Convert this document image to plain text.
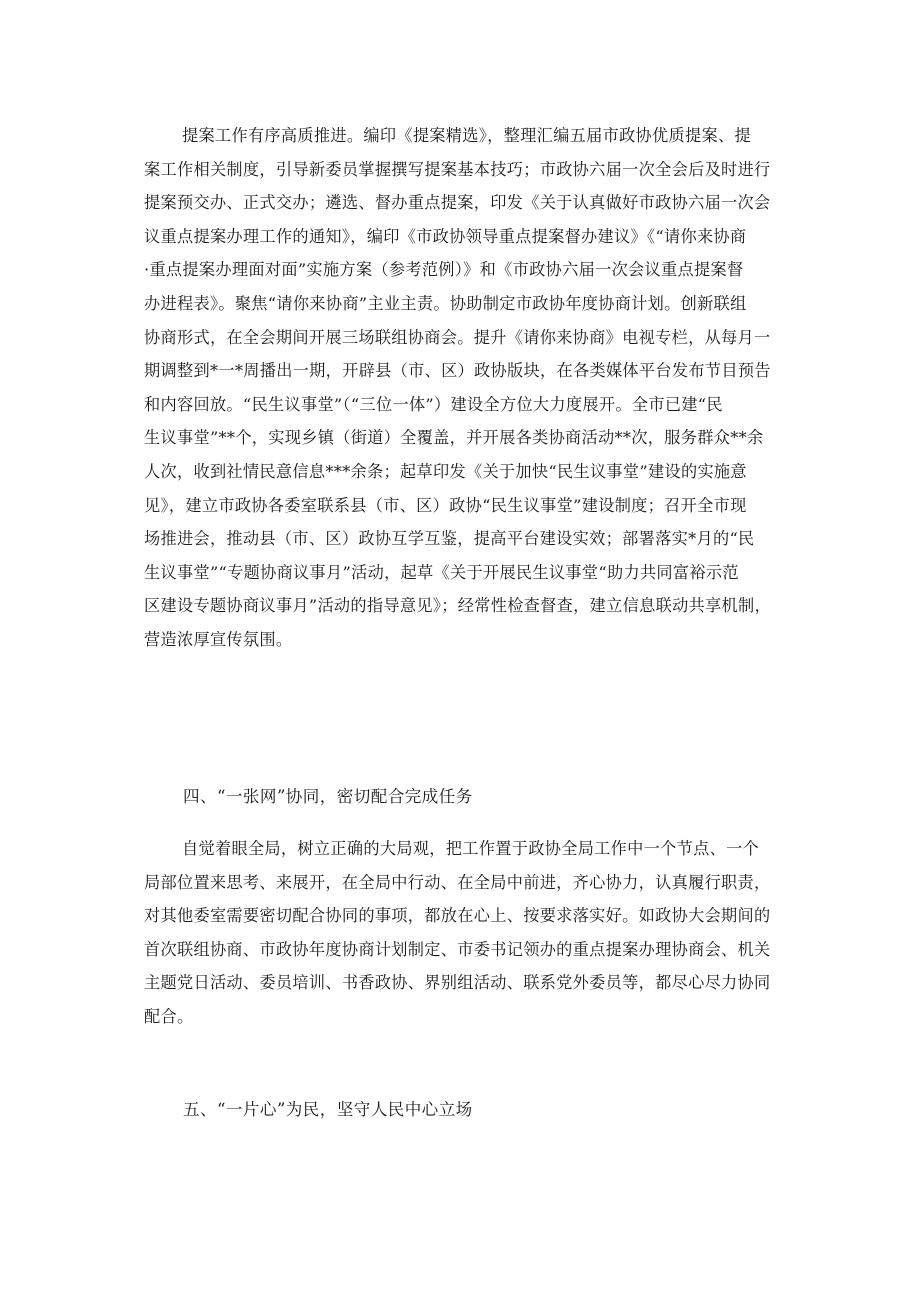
提案工作有序高质推进。编印《提案精选》，整理汇编五届市政协优质提案、提
案工作相关制度，引导新委员掌握撰写提案基本技巧；市政协六届一次全会后及时进行
提案预交办、正式交办；遴选、督办重点提案，印发《关于认真做好市政协六届一次会
议重点提案办理工作的通知》，编印《市政协领导重点提案督办建议》《“请你来协商
·重点提案办理面对面”实施方案（参考范例）》和《市政协六届一次会议重点提案督
办进程表》。聚焦“请你来协商”主业主责。协助制定市政协年度协商计划。创新联组
协商形式，在全会期间开展三场联组协商会。提升《请你来协商》电视专栏，从每月一
期调整到*一*周播出一期，开辟县（市、区）政协版块，在各类媒体平台发布节目预告
和内容回放。“民生议事堂”（“三位一体”）建设全方位大力度展开。全市已建“民
生议事堂”**个，实现乡镇（街道）全覆盖，并开展各类协商活动**次，服务群众**余
人次，收到社情民意信息***余条；起草印发《关于加快“民生议事堂”建设的实施意
见》，建立市政协各委室联系县（市、区）政协“民生议事堂”建设制度；召开全市现
场推进会，推动县（市、区）政协互学互鉴，提高平台建设实效；部署落实*月的“民
生议事堂”“专题协商议事月”活动，起草《关于开展民生议事堂“助力共同富裕示范
区建设专题协商议事月”活动的指导意见》；经常性检查督查，建立信息联动共享机制，
营造浓厚宣传氛围。
四、“一张网”协同，密切配合完成任务
自觉着眼全局，树立正确的大局观，把工作置于政协全局工作中一个节点、一个
局部位置来思考、来展开，在全局中行动、在全局中前进，齐心协力，认真履行职责，
对其他委室需要密切配合协同的事项，都放在心上、按要求落实好。如政协大会期间的
首次联组协商、市政协年度协商计划制定、市委书记领办的重点提案办理协商会、机关
主题党日活动、委员培训、书香政协、界别组活动、联系党外委员等，都尽心尽力协同
配合。
五、“一片心”为民，坚守人民中心立场
